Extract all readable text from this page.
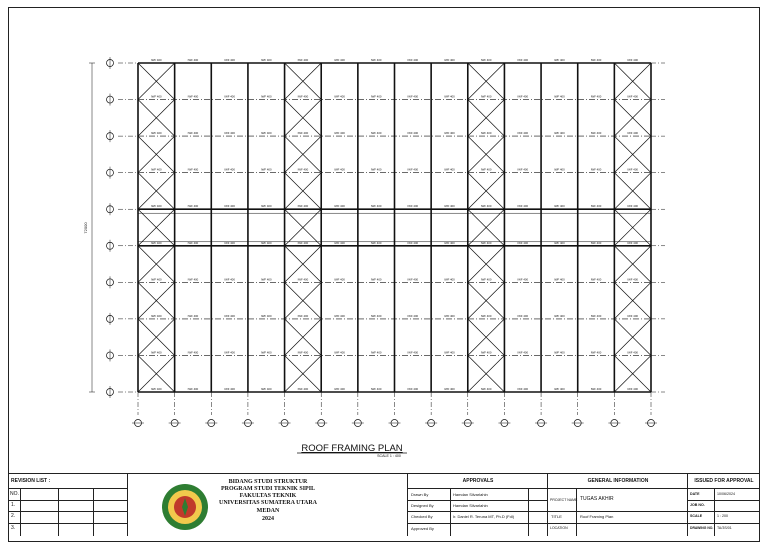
IWF 400	IWF 400	IWF 400	IWF 400	IWF 400	IWF 400	IWF 400	IWF 400	IWF 400	IWF 400	IWF 400	IWF 400	IWF 400	IWF 400
IWF 400	IWF 400	IWF 400	IWF 400	IWF 400	IWF 400	IWF 400	IWF 400	IWF 400	IWF 400	IWF 400	IWF 400	IWF 400	IWF 400
IWF 400	IWF 400	IWF 400	IWF 400	IWF 400	IWF 400	IWF 400	IWF 400	IWF 400	IWF 400	IWF 400	IWF 400	IWF 400	IWF 400
IWF 400	IWF 400	IWF 400	IWF 400	IWF 400	IWF 400	IWF 400	IWF 400	IWF 400	IWF 400	IWF 400	IWF 400	IWF 400	IWF 400
IWF 400	IWF 400	IWF 400	IWF 400	IWF 400	IWF 400	IWF 400	IWF 400	IWF 400	IWF 400	IWF 400	IWF 400	IWF 400	IWF 400
IWF 400	IWF 400	IWF 400	IWF 400	IWF 400	IWF 400	IWF 400	IWF 400	IWF 400	IWF 400	IWF 400	IWF 400	IWF 400	IWF 400
IWF 400	IWF 400	IWF 400	IWF 400	IWF 400	IWF 400	IWF 400	IWF 400	IWF 400	IWF 400	IWF 400	IWF 400	IWF 400	IWF 400
IWF 400	IWF 400	IWF 400	IWF 400	IWF 400	IWF 400	IWF 400	IWF 400	IWF 400	IWF 400	IWF 400	IWF 400	IWF 400	IWF 400
IWF 400	IWF 400	IWF 400	IWF 400	IWF 400	IWF 400	IWF 400	IWF 400	IWF 400	IWF 400	IWF 400	IWF 400	IWF 400	IWF 400
IWF 400	IWF 400	IWF 400	IWF 400	IWF 400	IWF 400	IWF 400	IWF 400	IWF 400	IWF 400	IWF 400	IWF 400	IWF 400	IWF 400
72000
ROOF FRAMING PLAN
SCALE 1 : 400
REVISION LIST :
NO.
1.
2.
3.
BIDANG STUDI STRUKTUR
PROGRAM STUDI TEKNIK SIPIL
FAKULTAS TEKNIK
UNIVERSITAS SUMATERA UTARA
MEDAN
2024
APPROVALS
Drawn By	Hamdan Silvarlahin
Designed By	Hamdan Silvarlahin
Checked By	Ir. Daniel R. Teruna MT, Ph.D (Fdl)
Approved By
GENERAL INFORMATION
PROJECT NAME TUGAS AKHIR
TITLE	Roof Framing Plan
LOCATION
ISSUED FOR APPROVAL
DATE	10/06/2024
JOB NO.
SCALE	1 : 200
DRAWING NO. TA/3S/01
